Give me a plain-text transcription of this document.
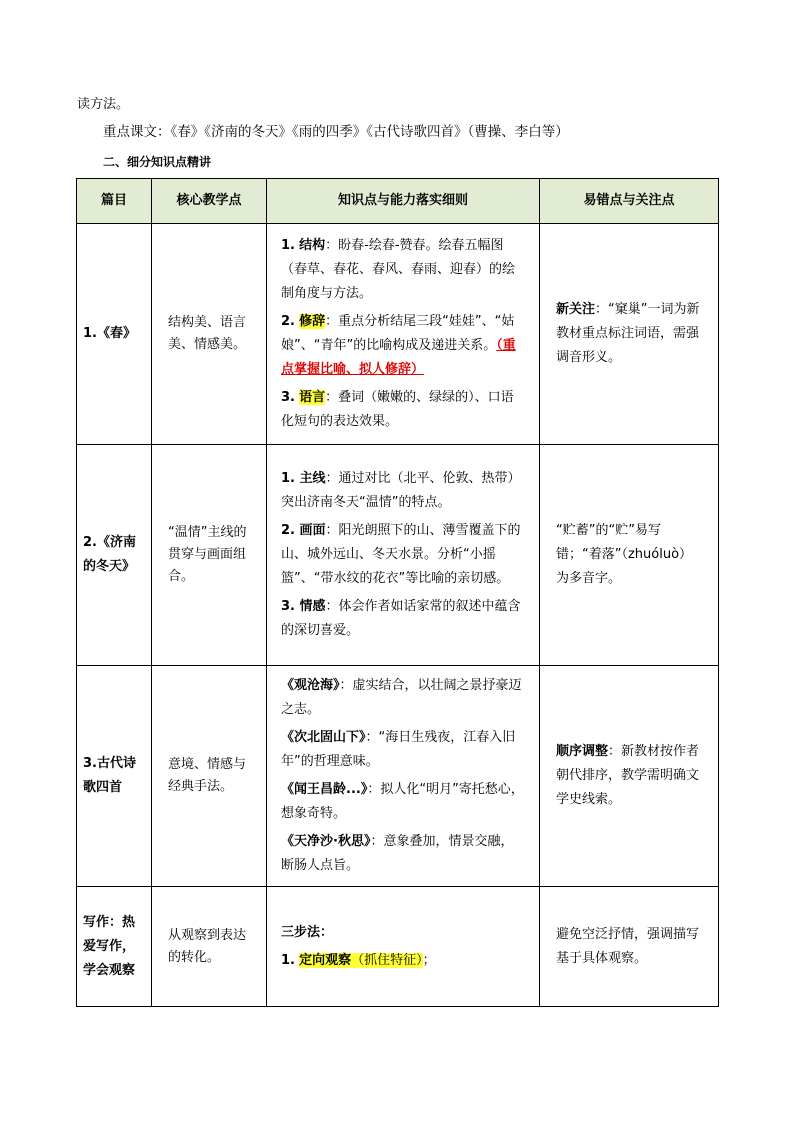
读方法。
重点课文：《春》《济南的冬天》《雨的四季》《古代诗歌四首》（曹操、李白等）
二、细分知识点精讲
篇目	核心教学点	知识点与能力落实细则	易错点与关注点
1.《春》	结构美、语言美、情感美。	1. 结构：盼春-绘春-赞春。绘春五幅图（春草、春花、春风、春雨、迎春）的绘制角度与方法。
2. 修辞：重点分析结尾三段“娃娃”、“姑娘”、“青年”的比喻构成及递进关系。（重点掌握比喻、拟人修辞）
3. 语言：叠词（嫩嫩的、绿绿的）、口语化短句的表达效果。	新关注：“窠巢”一词为新教材重点标注词语，需强调音形义。
2.《济南的冬天》	“温情”主线的贯穿与画面组合。	1. 主线：通过对比（北平、伦敦、热带）突出济南冬天“温情”的特点。
2. 画面：阳光朗照下的山、薄雪覆盖下的山、城外远山、冬天水景。分析“小摇篮”、“带水纹的花衣”等比喻的亲切感。
3. 情感：体会作者如话家常的叙述中蕴含的深切喜爱。	“贮蓄”的“贮”易写错；“着落”（zhuóluò）为多音字。
3.古代诗歌四首	意境、情感与经典手法。	《观沧海》：虚实结合，以壮阔之景抒豪迈之志。
《次北固山下》：“海日生残夜，江春入旧年”的哲理意味。
《闻王昌龄...》：拟人化“明月”寄托愁心，想象奇特。
《天净沙·秋思》：意象叠加，情景交融，断肠人点旨。	顺序调整：新教材按作者朝代排序，教学需明确文学史线索。
写作：热爱写作，学会观察	从观察到表达的转化。	三步法：
1. 定向观察（抓住特征）；	避免空泛抒情，强调描写基于具体观察。
